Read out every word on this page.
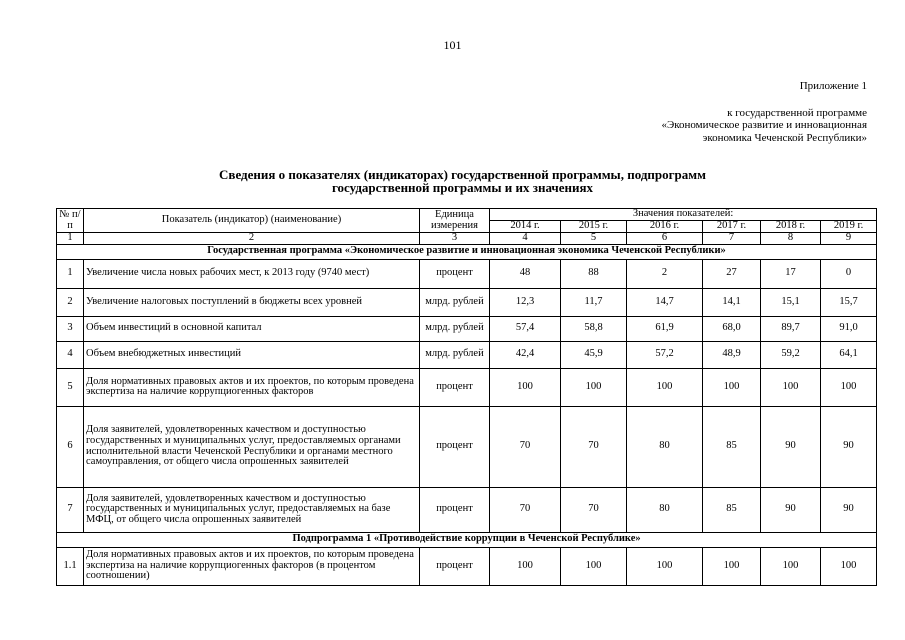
101
Приложение 1
к государственной программе
«Экономическое развитие и инновационная
экономика Чеченской Республики»
Сведения о показателях (индикаторах) государственной программы, подпрограмм
государственной программы и их значениях
№ п/п	Показатель (индикатор) (наименование)	Единица измерения	Значения показателей:					
			2014 г.	2015 г.	2016 г.	2017 г.	2018 г.	2019 г.
1	2	3	4	5	6	7	8	9
Государственная программа «Экономическое развитие и инновационная экономика Чеченской Республики»								
1	Увеличение числа новых рабочих мест, к 2013 году (9740 мест)	процент	48	88	2	27	17	0
2	Увеличение налоговых поступлений в бюджеты всех уровней	млрд. рублей	12,3	11,7	14,7	14,1	15,1	15,7
3	Объем инвестиций в основной капитал	млрд. рублей	57,4	58,8	61,9	68,0	89,7	91,0
4	Объем внебюджетных инвестиций	млрд. рублей	42,4	45,9	57,2	48,9	59,2	64,1
5	Доля нормативных правовых актов и их проектов, по которым проведена экспертиза на наличие коррупциогенных факторов	процент	100	100	100	100	100	100
6	Доля заявителей, удовлетворенных качеством и доступностью государственных и муниципальных услуг, предоставляемых органами исполнительной власти Чеченской Республики и органами местного самоуправления, от общего числа опрошенных заявителей	процент	70	70	80	85	90	90
7	Доля заявителей, удовлетворенных качеством и доступностью государственных и муниципальных услуг, предоставляемых на базе МФЦ, от общего числа опрошенных заявителей	процент	70	70	80	85	90	90
Подпрограмма 1 «Противодействие коррупции в Чеченской Республике»								
1.1	Доля нормативных правовых актов и их проектов, по которым проведена экспертиза на наличие коррупциогенных факторов (в процентом соотношении)	процент	100	100	100	100	100	100
